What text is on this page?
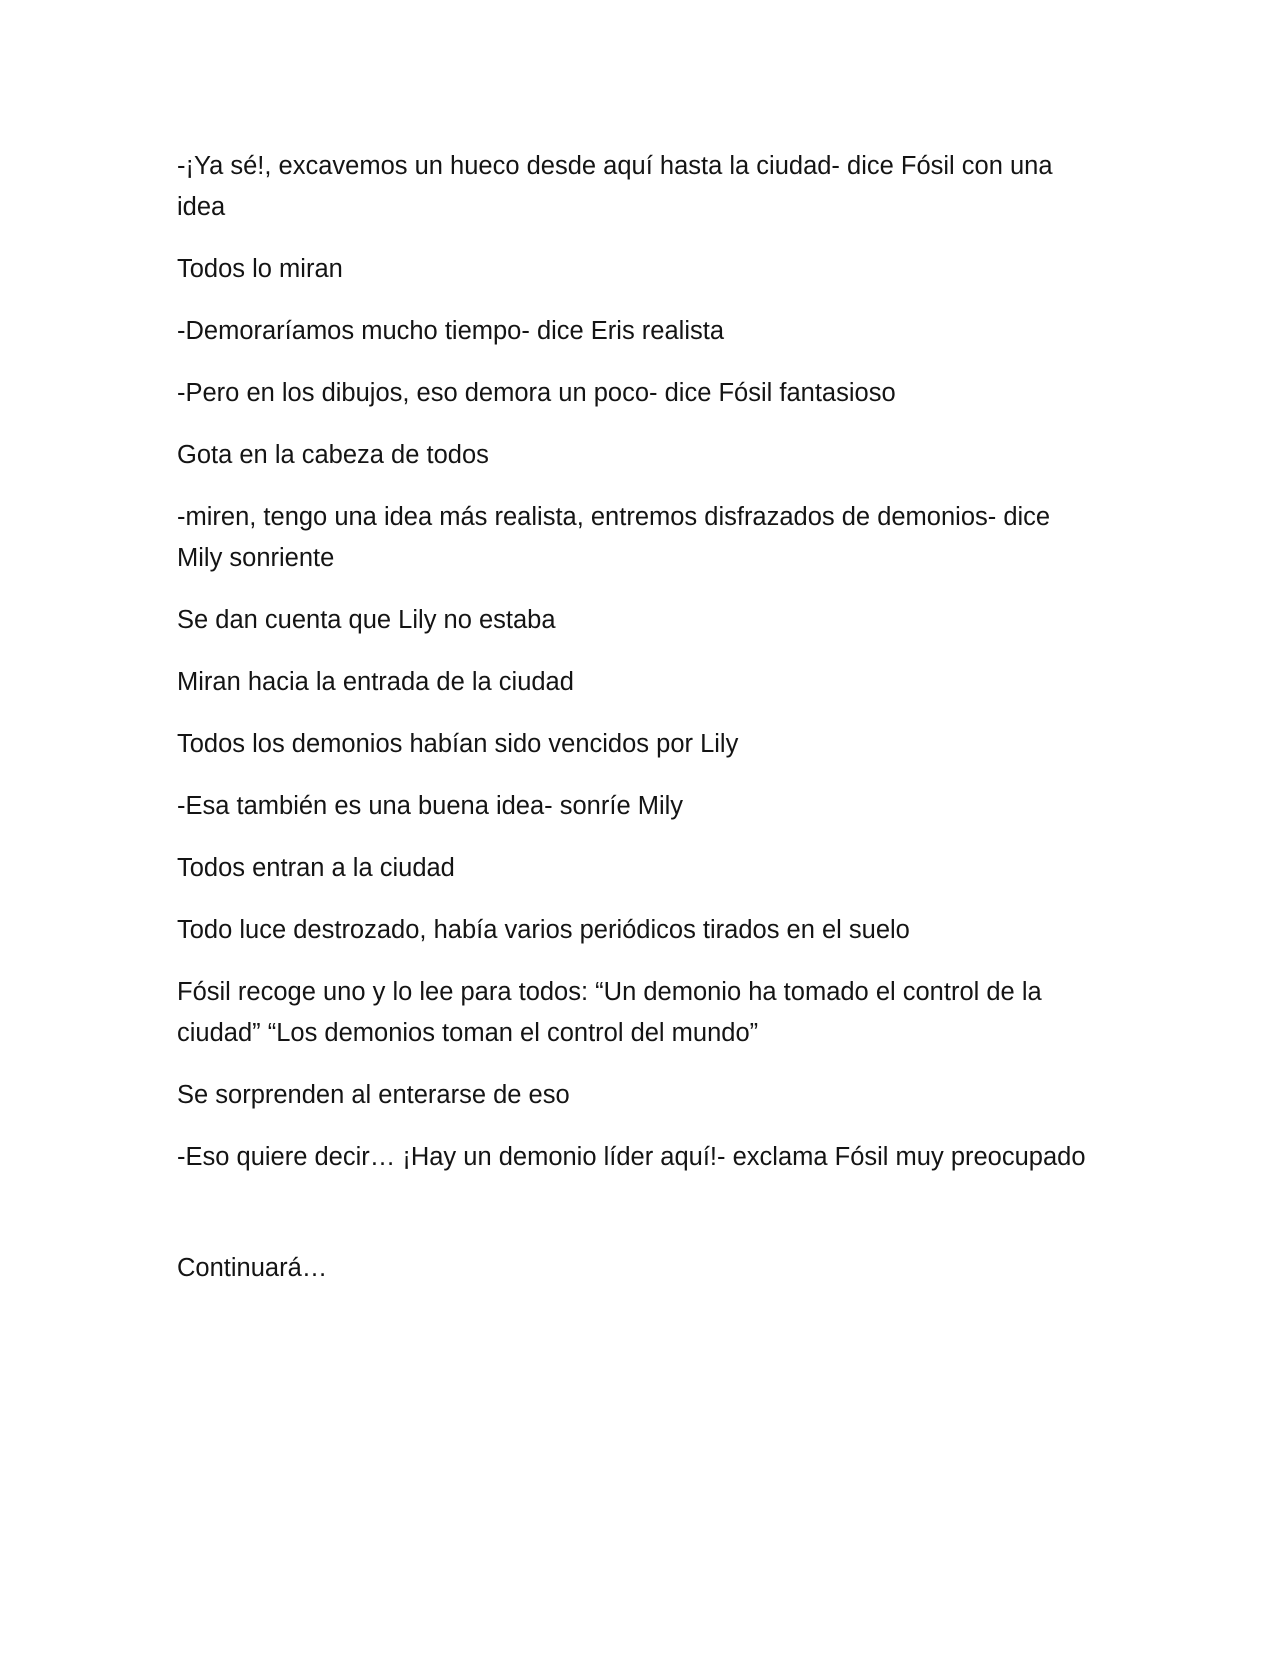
-¡Ya sé!, excavemos un hueco desde aquí hasta la ciudad- dice Fósil con una idea

Todos lo miran

-Demoraríamos mucho tiempo- dice Eris realista

-Pero en los dibujos, eso demora un poco- dice Fósil fantasioso

Gota en la cabeza de todos

-miren, tengo una idea más realista, entremos disfrazados de demonios- dice Mily sonriente

Se dan cuenta que Lily no estaba

Miran hacia la entrada de la ciudad

Todos los demonios habían sido vencidos por Lily

-Esa también es una buena idea- sonríe Mily

Todos entran a la ciudad

Todo luce destrozado, había varios periódicos tirados en el suelo

Fósil recoge uno y lo lee para todos: “Un demonio ha tomado el control de la ciudad” “Los demonios toman el control del mundo”

Se sorprenden al enterarse de eso

-Eso quiere decir… ¡Hay un demonio líder aquí!- exclama Fósil muy preocupado

Continuará…
